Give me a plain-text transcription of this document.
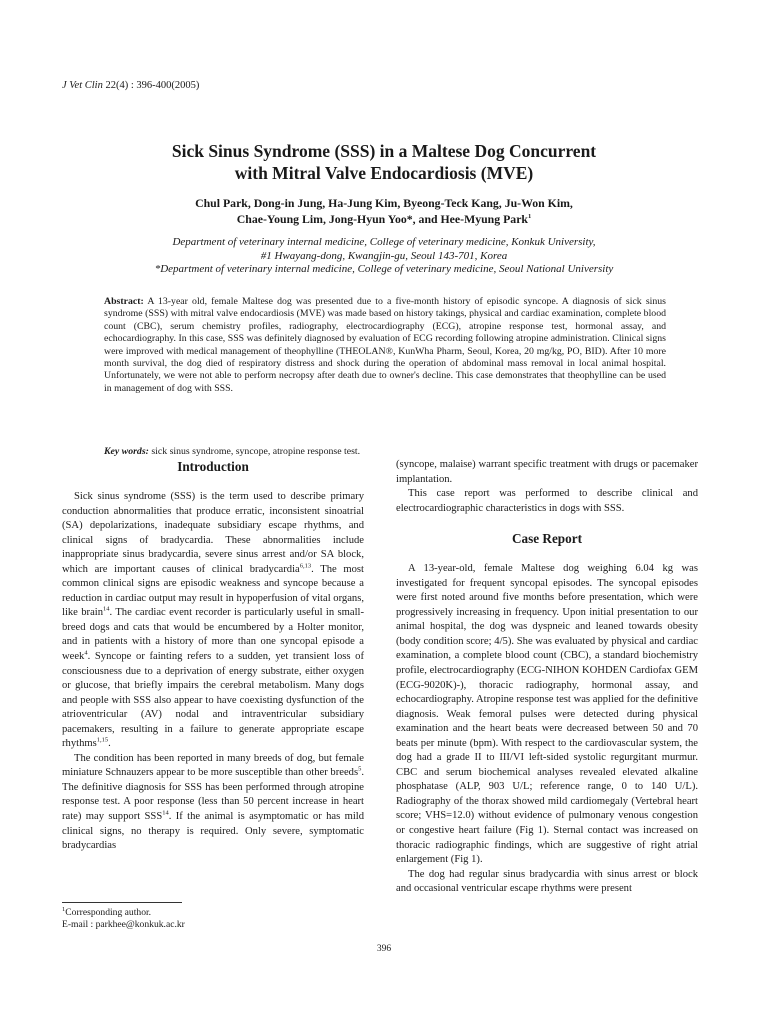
J Vet Clin 22(4) : 396-400(2005)
Sick Sinus Syndrome (SSS) in a Maltese Dog Concurrent
with Mitral Valve Endocardiosis (MVE)
Chul Park, Dong-in Jung, Ha-Jung Kim, Byeong-Teck Kang, Ju-Won Kim,
Chae-Young Lim, Jong-Hyun Yoo*, and Hee-Myung Park$^1$
Department of veterinary internal medicine, College of veterinary medicine, Konkuk University,
#1 Hwayang-dong, Kwangjin-gu, Seoul 143-701, Korea
*Department of veterinary internal medicine, College of veterinary medicine, Seoul National University
Abstract: A 13-year old, female Maltese dog was presented due to a five-month history of episodic syncope. A diagnosis of sick sinus syndrome (SSS) with mitral valve endocardiosis (MVE) was made based on history takings, physical and cardiac examination, complete blood count (CBC), serum chemistry profiles, radiography, electrocardiography (ECG), atropine response test, hormonal assay, and echocardiography. In this case, SSS was definitely diagnosed by evaluation of ECG recording following atropine administration. Clinical signs were improved with medical management of theophylline (THEOLAN®, KunWha Pharm, Seoul, Korea, 20 mg/kg, PO, BID). After 10 more month survival, the dog died of respiratory distress and shock during the operation of abdominal mass removal in local animal hospital. Unfortunately, we were not able to perform necropsy after death due to owner's decline. This case demonstrates that theophylline can be used in management of dog with SSS.
Key words: sick sinus syndrome, syncope, atropine response test.
Introduction

Sick sinus syndrome (SSS) is the term used to describe primary conduction abnormalities that produce erratic, inconsistent sinoatrial (SA) depolarizations, inadequate subsidiary escape rhythms, and clinical signs of bradycardia. These abnormalities include inappropriate sinus bradycardia, severe sinus arrest and/or SA block, which are important causes of clinical bradycardia$^{6,13}$. The most common clinical signs are episodic weakness and syncope because a reduction in cardiac output may result in hypoperfusion of vital organs, like brain$^{14}$. The cardiac event recorder is particularly useful in small-breed dogs and cats that would be encumbered by a Holter monitor, and in patients with a history of more than one syncopal episode a week$^4$. Syncope or fainting refers to a sudden, yet transient loss of consciousness due to a deprivation of energy substrate, either oxygen or glucose, that briefly impairs the cerebral metabolism. Many dogs and people with SSS also appear to have coexisting dysfunction of the atrioventricular (AV) nodal and intraventricular subsidiary pacemakers, resulting in a failure to generate appropriate escape rhythms$^{1,15}$.

The condition has been reported in many breeds of dog, but female miniature Schnauzers appear to be more susceptible than other breeds$^5$. The definitive diagnosis for SSS has been performed through atropine response test. A poor response (less than 50 percent increase in heart rate) may support SSS$^{14}$. If the animal is asymptomatic or has mild clinical signs, no therapy is required. Only severe, symptomatic bradycardias

(syncope, malaise) warrant specific treatment with drugs or pacemaker implantation.

This case report was performed to describe clinical and electrocardiographic characteristics in dogs with SSS.

Case Report

A 13-year-old, female Maltese dog weighing 6.04 kg was investigated for frequent syncopal episodes. The syncopal episodes were first noted around five months before presentation, which were progressively increasing in frequency. Upon initial presentation to our animal hospital, the dog was dyspneic and leaned towards obesity (body condition score; 4/5). She was evaluated by physical and cardiac examination, a complete blood count (CBC), a standard biochemistry profile, electrocardiography (ECG-NIHON KOHDEN Cardiofax GEM (ECG-9020K)-), thoracic radiography, hormonal assay, and echocardiography. Atropine response test was applied for the definitive diagnosis. Weak femoral pulses were detected during physical examination and the heart beats were decreased between 50 and 70 beats per minute (bpm). With respect to the cardiovascular system, the dog had a grade II to III/VI left-sided systolic regurgitant murmur. CBC and serum biochemical analyses revealed elevated alkaline phosphatase (ALP, 903 U/L; reference range, 0 to 140 U/L). Radiography of the thorax showed mild cardiomegaly (Vertebral heart score; VHS=12.0) without evidence of pulmonary venous congestion or congestive heart failure (Fig 1). Sternal contact was increased on thoracic radiographic findings, which are suggestive of right atrial enlargement (Fig 1).

The dog had regular sinus bradycardia with sinus arrest or block and occasional ventricular escape rhythms were present

$^1$Corresponding author.
E-mail : parkhee@konkuk.ac.kr
396
